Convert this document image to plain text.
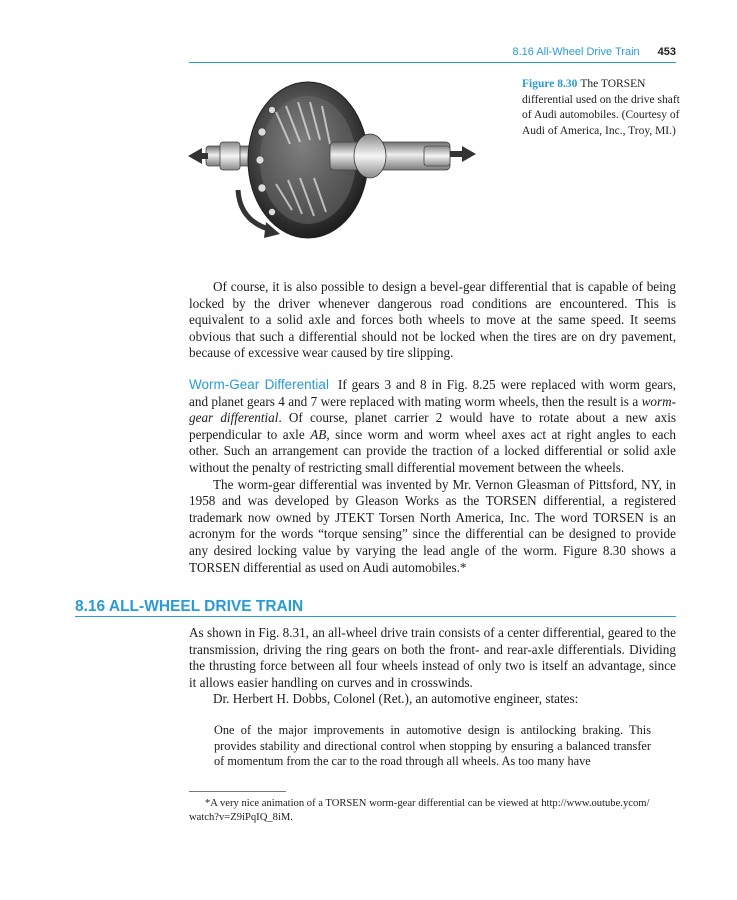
8.16 All-Wheel Drive Train 453
Figure 8.30 The TORSEN differential used on the drive shaft of Audi automobiles. (Courtesy of Audi of America, Inc., Troy, MI.)

Of course, it is also possible to design a bevel-gear differential that is capable of being locked by the driver whenever dangerous road conditions are encountered. This is equivalent to a solid axle and forces both wheels to move at the same speed. It seems obvious that such a differential should not be locked when the tires are on dry pavement, because of excessive wear caused by tire slipping.

Worm-Gear Differential If gears 3 and 8 in Fig. 8.25 were replaced with worm gears, and planet gears 4 and 7 were replaced with mating worm wheels, then the result is a worm-gear differential. Of course, planet carrier 2 would have to rotate about a new axis perpendicular to axle AB, since worm and worm wheel axes act at right angles to each other. Such an arrangement can provide the traction of a locked differential or solid axle without the penalty of restricting small differential movement between the wheels.

The worm-gear differential was invented by Mr. Vernon Gleasman of Pittsford, NY, in 1958 and was developed by Gleason Works as the TORSEN differential, a registered trademark now owned by JTEKT Torsen North America, Inc. The word TORSEN is an acronym for the words “torque sensing” since the differential can be designed to provide any desired locking value by varying the lead angle of the worm. Figure 8.30 shows a TORSEN differential as used on Audi automobiles.*

8.16 ALL-WHEEL DRIVE TRAIN

As shown in Fig. 8.31, an all-wheel drive train consists of a center differential, geared to the transmission, driving the ring gears on both the front- and rear-axle differentials. Dividing the thrusting force between all four wheels instead of only two is itself an advantage, since it allows easier handling on curves and in crosswinds.

Dr. Herbert H. Dobbs, Colonel (Ret.), an automotive engineer, states:

One of the major improvements in automotive design is antilocking braking. This provides stability and directional control when stopping by ensuring a balanced transfer of momentum from the car to the road through all wheels. As too many have

*A very nice animation of a TORSEN worm-gear differential can be viewed at http://www.outube.ycom/ watch?v=Z9iPqIQ_8iM.
